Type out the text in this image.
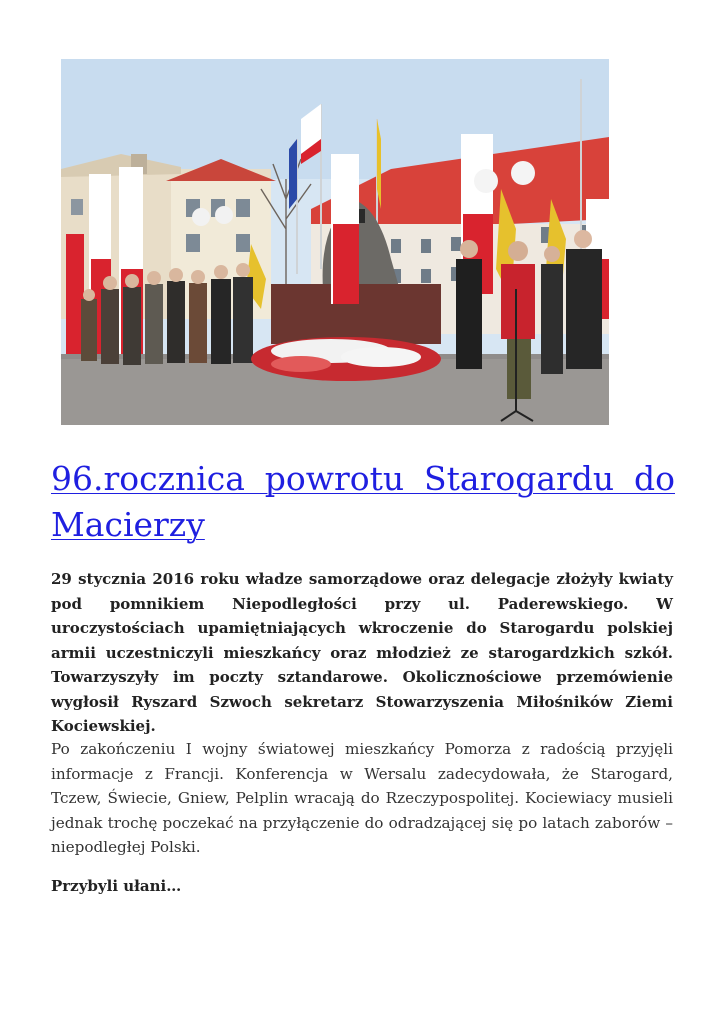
96.rocznica powrotu Starogardu do Macierzy

29 stycznia 2016 roku władze samorządowe oraz delegacje złożyły kwiaty pod pomnikiem Niepodległości przy ul. Paderewskiego. W uroczystościach upamiętniających wkroczenie do Starogardu polskiej armii uczestniczyli mieszkańcy oraz młodzież ze starogardzkich szkół. Towarzyszyły im poczty sztandarowe. Okolicznościowe przemówienie wygłosił Ryszard Szwoch sekretarz Stowarzyszenia Miłośników Ziemi Kociewskiej.

Po zakończeniu I wojny światowej mieszkańcy Pomorza z radością przyjęli informacje z Francji. Konferencja w Wersalu zadecydowała, że Starogard, Tczew, Świecie, Gniew, Pelplin wracają do Rzeczypospolitej. Kociewiacy musieli jednak trochę poczekać na przyłączenie do odradzającej się po latach zaborów – niepodległej Polski.

Przybyli ułani…
